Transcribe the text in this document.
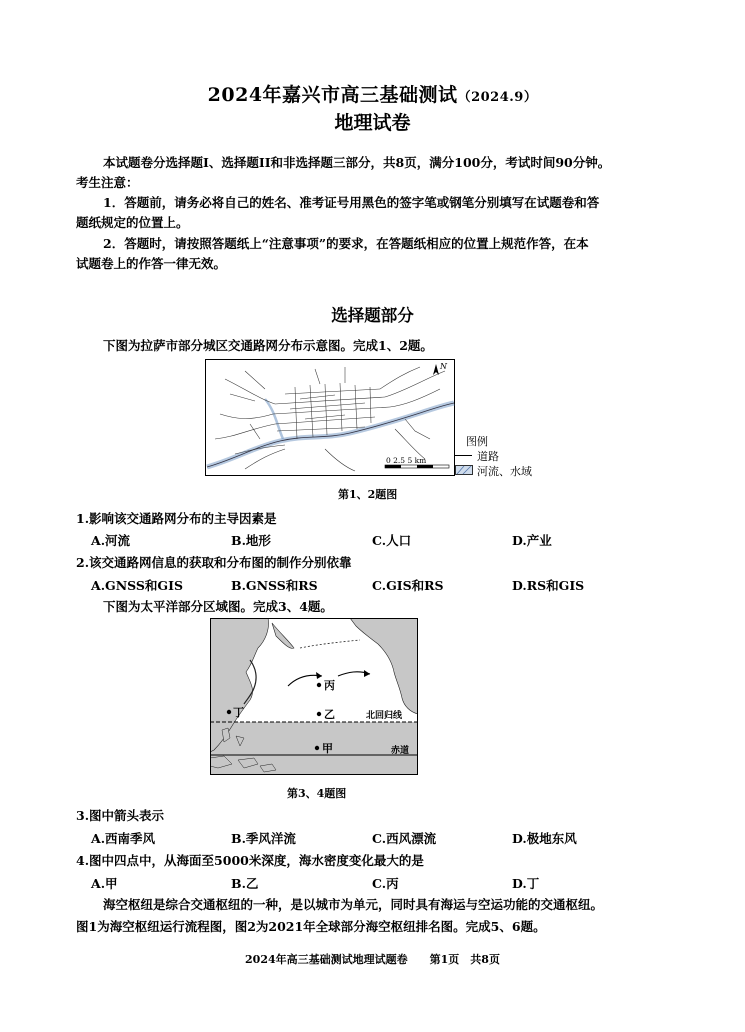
2024年嘉兴市高三基础测试（2024.9）
地理试卷
本试题卷分选择题I、选择题II和非选择题三部分，共8页，满分100分，考试时间90分钟。
考生注意：
1．答题前，请务必将自己的姓名、准考证号用黑色的签字笔或钢笔分别填写在试题卷和答
题纸规定的位置上。
2．答题时，请按照答题纸上“注意事项”的要求，在答题纸相应的位置上规范作答，在本
试题卷上的作答一律无效。
选择题部分
下图为拉萨市部分城区交通路网分布示意图。完成1、2题。
N
0 2.5 5 km
图例
道路
河流、水域
第1、2题图
1.影响该交通路网分布的主导因素是
A.河流	B.地形	C.人口	D.产业
2.该交通路网信息的获取和分布图的制作分别依靠
A.GNSS和GIS	B.GNSS和RS	C.GIS和RS	D.RS和GIS
下图为太平洋部分区域图。完成3、4题。
丙
乙
丁
甲
北回归线
赤道
第3、4题图
3.图中箭头表示
A.西南季风	B.季风洋流	C.西风漂流	D.极地东风
4.图中四点中，从海面至5000米深度，海水密度变化最大的是
A.甲	B.乙	C.丙	D.丁
海空枢纽是综合交通枢纽的一种，是以城市为单元，同时具有海运与空运功能的交通枢纽。
图1为海空枢纽运行流程图，图2为2021年全球部分海空枢纽排名图。完成5、6题。
2024年高三基础测试地理试题卷　　第1页　共8页
